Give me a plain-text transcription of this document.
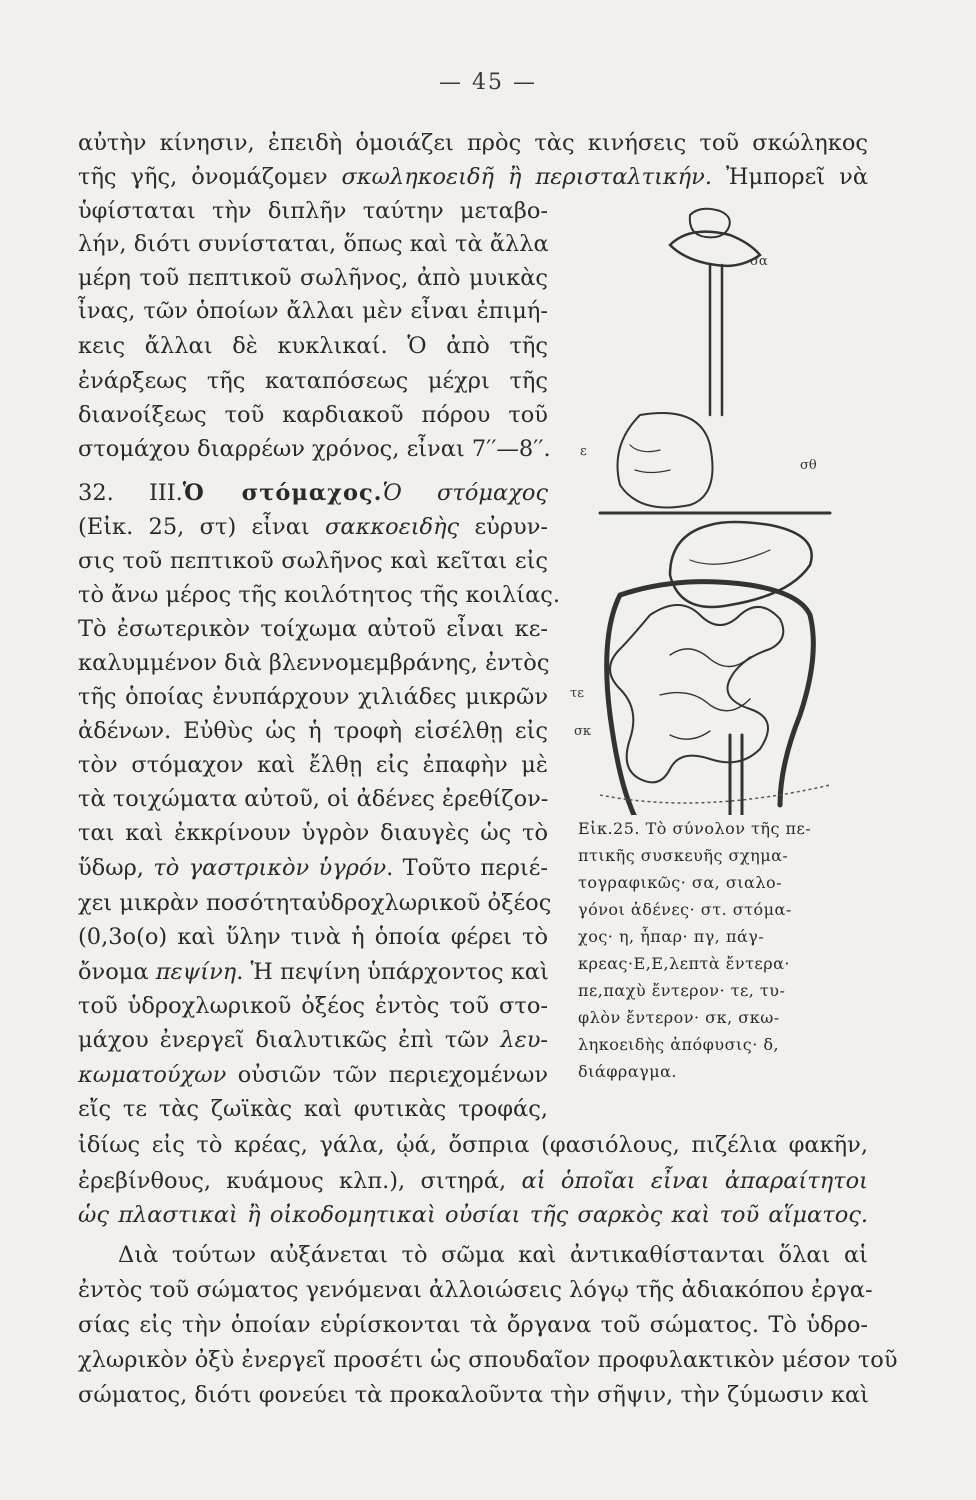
— 45 —
αὐτὴν κίνησιν, ἐπειδὴ ὁμοιάζει πρὸς τὰς κινήσεις τοῦ σκώληκος
τῆς γῆς, ὀνομάζομεν σκωληκοειδῆ ἢ περισταλτικήν. Ἠμπορεῖ νὰ
ὑφίσταται τὴν διπλῆν ταύτην μεταβο-
λήν, διότι συνίσταται, ὅπως καὶ τὰ ἄλλα
μέρη τοῦ πεπτικοῦ σωλῆνος, ἀπὸ μυικὰς
ἶνας, τῶν ὁποίων ἄλλαι μὲν εἶναι ἐπιμή-
κεις ἄλλαι δὲ κυκλικαί. Ὁ ἀπὸ τῆς
ἐνάρξεως τῆς καταπόσεως μέχρι τῆς
διανοίξεως τοῦ καρδιακοῦ πόρου τοῦ
στομάχου διαρρέων χρόνος, εἶναι 7′′—8′′.
32. ΙΙΙ.Ὁ στόμαχος.Ὁ στόμαχος
(Εἰκ. 25, στ) εἶναι σακκοειδὴς εὐρυν-
σις τοῦ πεπτικοῦ σωλῆνος καὶ κεῖται εἰς
τὸ ἄνω μέρος τῆς κοιλότητος τῆς κοιλίας.
Τὸ ἐσωτερικὸν τοίχωμα αὐτοῦ εἶναι κε-
καλυμμένον διὰ βλεννομεμβράνης, ἐντὸς
τῆς ὁποίας ἐνυπάρχουν χιλιάδες μικρῶν
ἀδένων. Εὐθὺς ὡς ἡ τροφὴ εἰσέλθῃ εἰς
τὸν στόμαχον καὶ ἔλθῃ εἰς ἐπαφὴν μὲ
τὰ τοιχώματα αὐτοῦ, οἱ ἀδένες ἐρεθίζον-
ται καὶ ἐκκρίνουν ὑγρὸν διαυγὲς ὡς τὸ
ὕδωρ, τὸ γαστρικὸν ὑγρόν. Τοῦτο περιέ-
χει μικρὰν ποσότηταὐδροχλωρικοῦ ὀξέος
(0,3ο(ο) καὶ ὕλην τινὰ ἡ ὁποία φέρει τὸ
ὄνομα πεψίνη. Ἡ πεψίνη ὑπάρχοντος καὶ
τοῦ ὑδροχλωρικοῦ ὀξέος ἐντὸς τοῦ στο-
μάχου ἐνεργεῖ διαλυτικῶς ἐπὶ τῶν λευ-
κωματούχων οὐσιῶν τῶν περιεχομένων
εἴς τε τὰς ζωϊκὰς καὶ φυτικὰς τροφάς,
σα
ε
σθ
τε
σκ
Εἰκ.25. Τὸ σύνολον τῆς πε-
πτικῆς συσκευῆς σχημα-
τογραφικῶς· σα, σιαλο-
γόνοι ἀδένες· στ. στόμα-
χος· η, ἧπαρ· πγ, πάγ-
κρεας·Ε,Ε,λεπτὰ ἔντερα·
πε,παχὺ ἔντερον· τε, τυ-
φλὸν ἔντερον· σκ, σκω-
ληκοειδὴς ἀπόφυσις· δ,
διάφραγμα.
ἰδίως εἰς τὸ κρέας, γάλα, ᾠά, ὄσπρια (φασιόλους, πιζέλια φακῆν,
ἐρεβίνθους, κυάμους κλπ.), σιτηρά, αἱ ὁποῖαι εἶναι ἀπαραίτητοι
ὡς πλαστικαὶ ἢ οἰκοδομητικαὶ οὐσίαι τῆς σαρκὸς καὶ τοῦ αἵματος.
Διὰ τούτων αὐξάνεται τὸ σῶμα καὶ ἀντικαθίστανται ὅλαι αἱ
ἐντὸς τοῦ σώματος γενόμεναι ἀλλοιώσεις λόγῳ τῆς ἀδιακόπου ἐργα-
σίας εἰς τὴν ὁποίαν εὑρίσκονται τὰ ὄργανα τοῦ σώματος. Τὸ ὑδρο-
χλωρικὸν ὀξὺ ἐνεργεῖ προσέτι ὡς σπουδαῖον προφυλακτικὸν μέσον τοῦ
σώματος, διότι φονεύει τὰ προκαλοῦντα τὴν σῆψιν, τὴν ζύμωσιν καὶ
